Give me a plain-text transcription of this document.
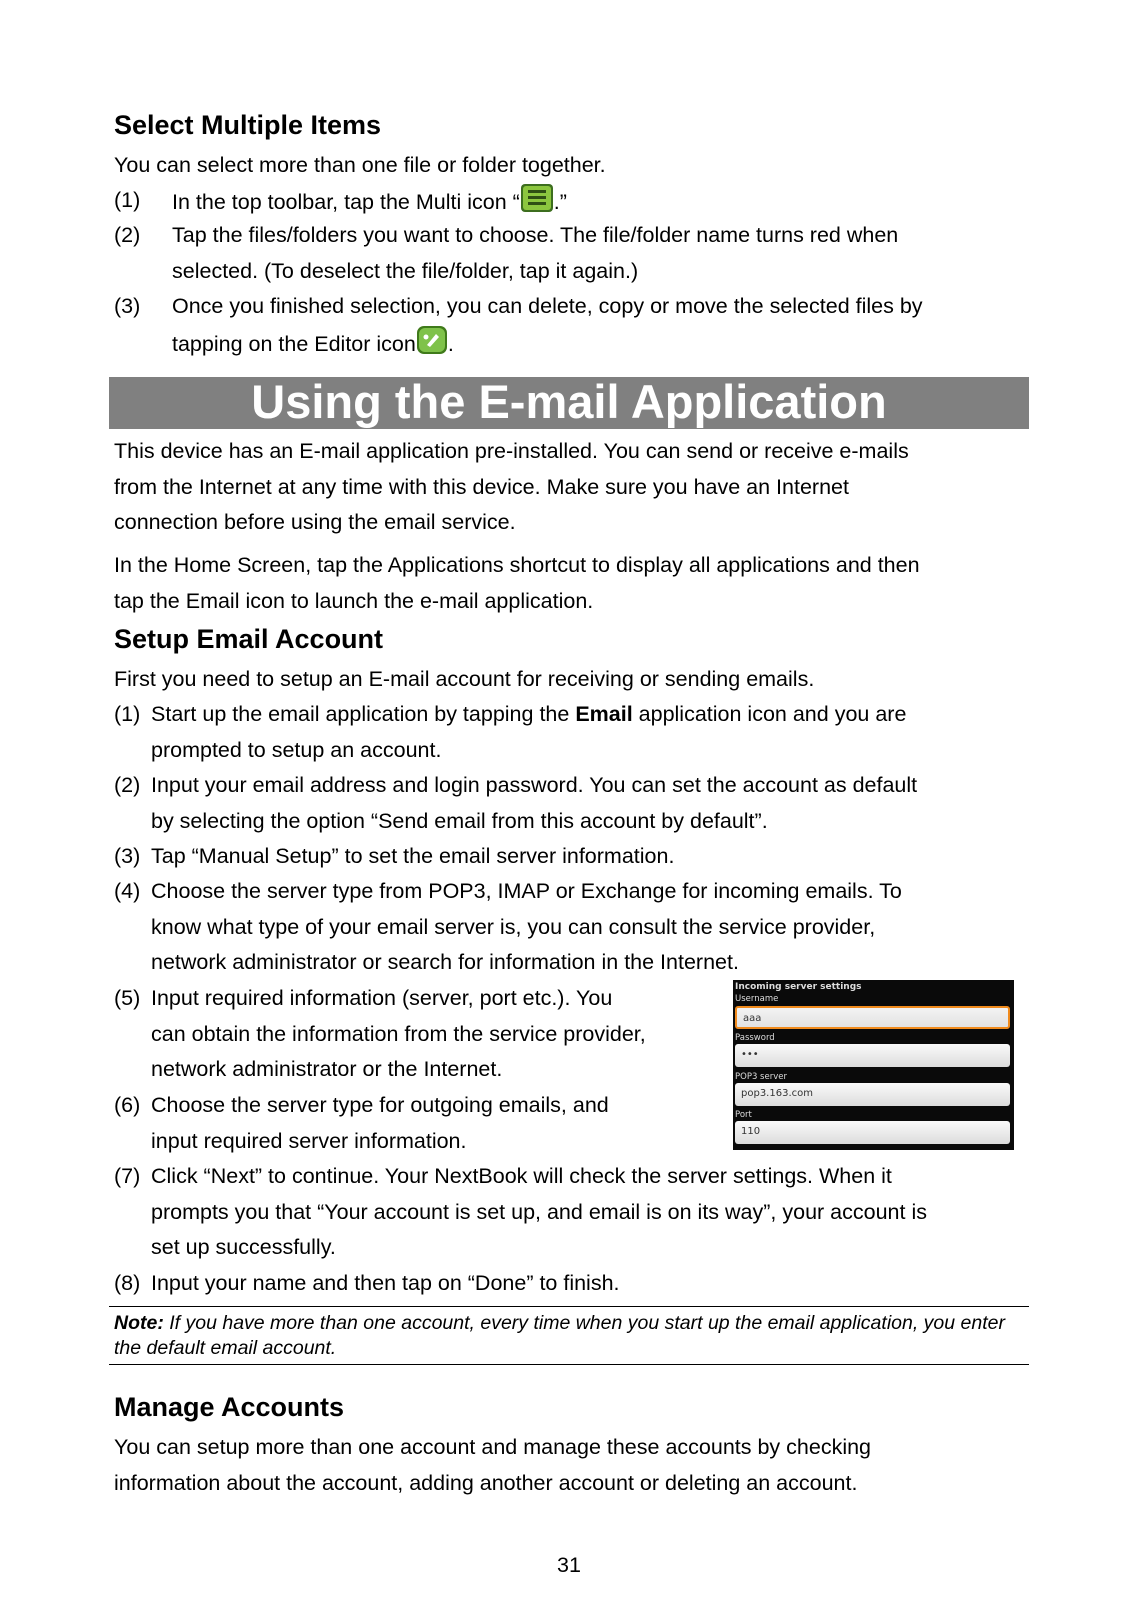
Select Multiple Items

You can select more than one file or folder together.

(1) In the top toolbar, tap the Multi icon “ .”
(2) Tap the files/folders you want to choose. The file/folder name turns red when
selected. (To deselect the file/folder, tap it again.)
(3) Once you finished selection, you can delete, copy or move the selected files by
tapping on the Editor icon .
Using the E-mail Application

This device has an E-mail application pre-installed. You can send or receive e-mails

from the Internet at any time with this device. Make sure you have an Internet

connection before using the email service.

In the Home Screen, tap the Applications shortcut to display all applications and then

tap the Email icon to launch the e-mail application.

Setup Email Account

First you need to setup an E-mail account for receiving or sending emails.

(1) Start up the email application by tapping the Email application icon and you are
prompted to setup an account.
(2) Input your email address and login password. You can set the account as default
by selecting the option “Send email from this account by default”.
(3) Tap “Manual Setup” to set the email server information.
(4) Choose the server type from POP3, IMAP or Exchange for incoming emails. To
know what type of your email server is, you can consult the service provider,
network administrator or search for information in the Internet.
(5) Input required information (server, port etc.). You
can obtain the information from the service provider,
network administrator or the Internet.
(6) Choose the server type for outgoing emails, and
input required server information.
Incoming server settings
Username
aaa
Password
•••
POP3 server
pop3.163.com
Port
110
(7) Click “Next” to continue. Your NextBook will check the server settings. When it
prompts you that “Your account is set up, and email is on its way”, your account is
set up successfully.
(8) Input your name and then tap on “Done” to finish.
Note: If you have more than one account, every time when you start up the email application, you enter the default email account.
Manage Accounts

You can setup more than one account and manage these accounts by checking

information about the account, adding another account or deleting an account.

31
